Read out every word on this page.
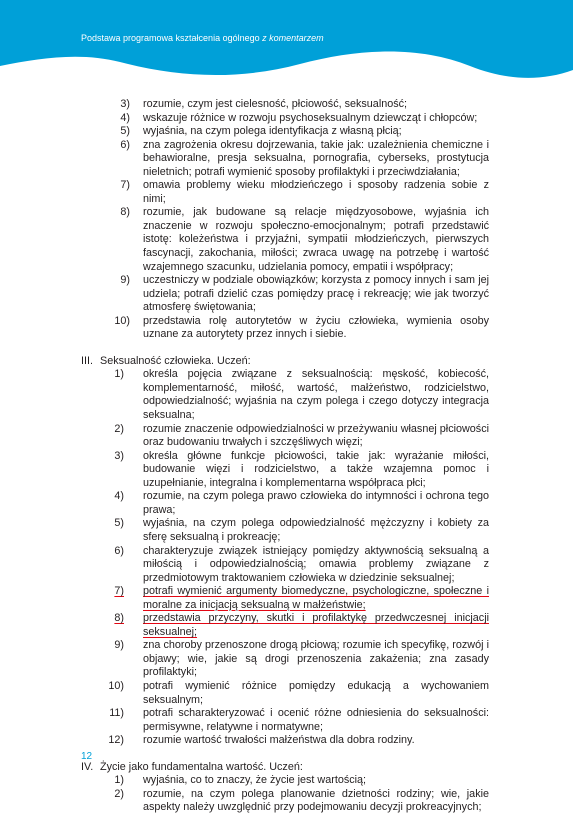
Podstawa programowa kształcenia ogólnego z komentarzem
3) rozumie, czym jest cielesność, płciowość, seksualność;
4) wskazuje różnice w rozwoju psychoseksualnym dziewcząt i chłopców;
5) wyjaśnia, na czym polega identyfikacja z własną płcią;
6) zna zagrożenia okresu dojrzewania, takie jak: uzależnienia chemiczne i behawioralne, presja seksualna, pornografia, cyberseks, prostytucja nieletnich; potrafi wymienić sposoby profilaktyki i przeciwdziałania;
7) omawia problemy wieku młodzieńczego i sposoby radzenia sobie z nimi;
8) rozumie, jak budowane są relacje międzyosobowe, wyjaśnia ich znaczenie w rozwoju społeczno-emocjonalnym; potrafi przedstawić istotę: koleżeństwa i przyjaźni, sympatii młodzieńczych, pierwszych fascynacji, zakochania, miłości; zwraca uwagę na potrzebę i wartość wzajemnego szacunku, udzielania pomocy, empatii i współpracy;
9) uczestniczy w podziale obowiązków; korzysta z pomocy innych i sam jej udziela; potrafi dzielić czas pomiędzy pracę i rekreację; wie jak tworzyć atmosferę świętowania;
10) przedstawia rolę autorytetów w życiu człowieka, wymienia osoby uznane za autorytety przez innych i siebie.
III. Seksualność człowieka. Uczeń:
1) określa pojęcia związane z seksualnością: męskość, kobiecość, komplementarność, miłość, wartość, małżeństwo, rodzicielstwo, odpowiedzialność; wyjaśnia na czym polega i czego dotyczy integracja seksualna;
2) rozumie znaczenie odpowiedzialności w przeżywaniu własnej płciowości oraz budowaniu trwałych i szczęśliwych więzi;
3) określa główne funkcje płciowości, takie jak: wyrażanie miłości, budowanie więzi i rodzicielstwo, a także wzajemna pomoc i uzupełnianie, integralna i komplementarna współpraca płci;
4) rozumie, na czym polega prawo człowieka do intymności i ochrona tego prawa;
5) wyjaśnia, na czym polega odpowiedzialność mężczyzny i kobiety za sferę seksualną i prokreację;
6) charakteryzuje związek istniejący pomiędzy aktywnością seksualną a miłością i odpowiedzialnością; omawia problemy związane z przedmiotowym traktowaniem człowieka w dziedzinie seksualnej;
7) potrafi wymienić argumenty biomedyczne, psychologiczne, społeczne i moralne za inicjacją seksualną w małżeństwie;
8) przedstawia przyczyny, skutki i profilaktykę przedwczesnej inicjacji seksualnej;
9) zna choroby przenoszone drogą płciową; rozumie ich specyfikę, rozwój i objawy; wie, jakie są drogi przenoszenia zakażenia; zna zasady profilaktyki;
10) potrafi wymienić różnice pomiędzy edukacją a wychowaniem seksualnym;
11) potrafi scharakteryzować i ocenić różne odniesienia do seksualności: permisywne, relatywne i normatywne;
12) rozumie wartość trwałości małżeństwa dla dobra rodziny.
IV. Życie jako fundamentalna wartość. Uczeń:
1) wyjaśnia, co to znaczy, że życie jest wartością;
2) rozumie, na czym polega planowanie dzietności rodziny; wie, jakie aspekty należy uwzględnić przy podejmowaniu decyzji prokreacyjnych;
12
